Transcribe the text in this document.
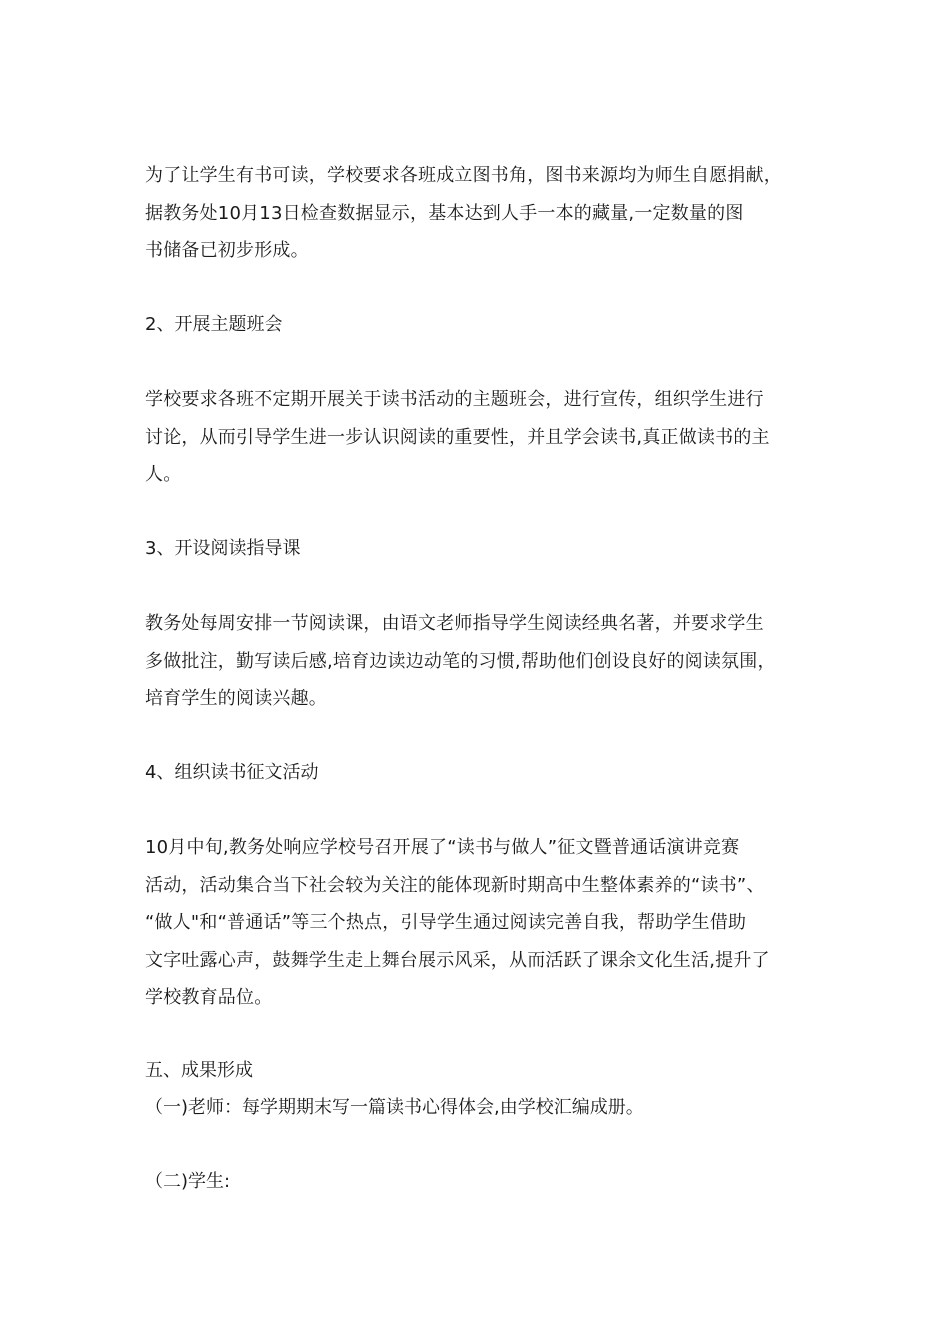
为了让学生有书可读，学校要求各班成立图书角，图书来源均为师生自愿捐献，
据教务处10月13日检查数据显示，基本达到人手一本的藏量,一定数量的图
书储备已初步形成。
2、开展主题班会
学校要求各班不定期开展关于读书活动的主题班会，进行宣传，组织学生进行
讨论，从而引导学生进一步认识阅读的重要性，并且学会读书,真正做读书的主
人。
3、开设阅读指导课
教务处每周安排一节阅读课，由语文老师指导学生阅读经典名著，并要求学生
多做批注，勤写读后感,培育边读边动笔的习惯,帮助他们创设良好的阅读氛围，
培育学生的阅读兴趣。
4、组织读书征文活动
10月中旬,教务处响应学校号召开展了“读书与做人”征文暨普通话演讲竞赛
活动，活动集合当下社会较为关注的能体现新时期高中生整体素养的“读书”、
“做人"和“普通话”等三个热点，引导学生通过阅读完善自我，帮助学生借助
文字吐露心声，鼓舞学生走上舞台展示风采，从而活跃了课余文化生活,提升了
学校教育品位。
五、成果形成
（一)老师：每学期期末写一篇读书心得体会,由学校汇编成册。
（二)学生:
